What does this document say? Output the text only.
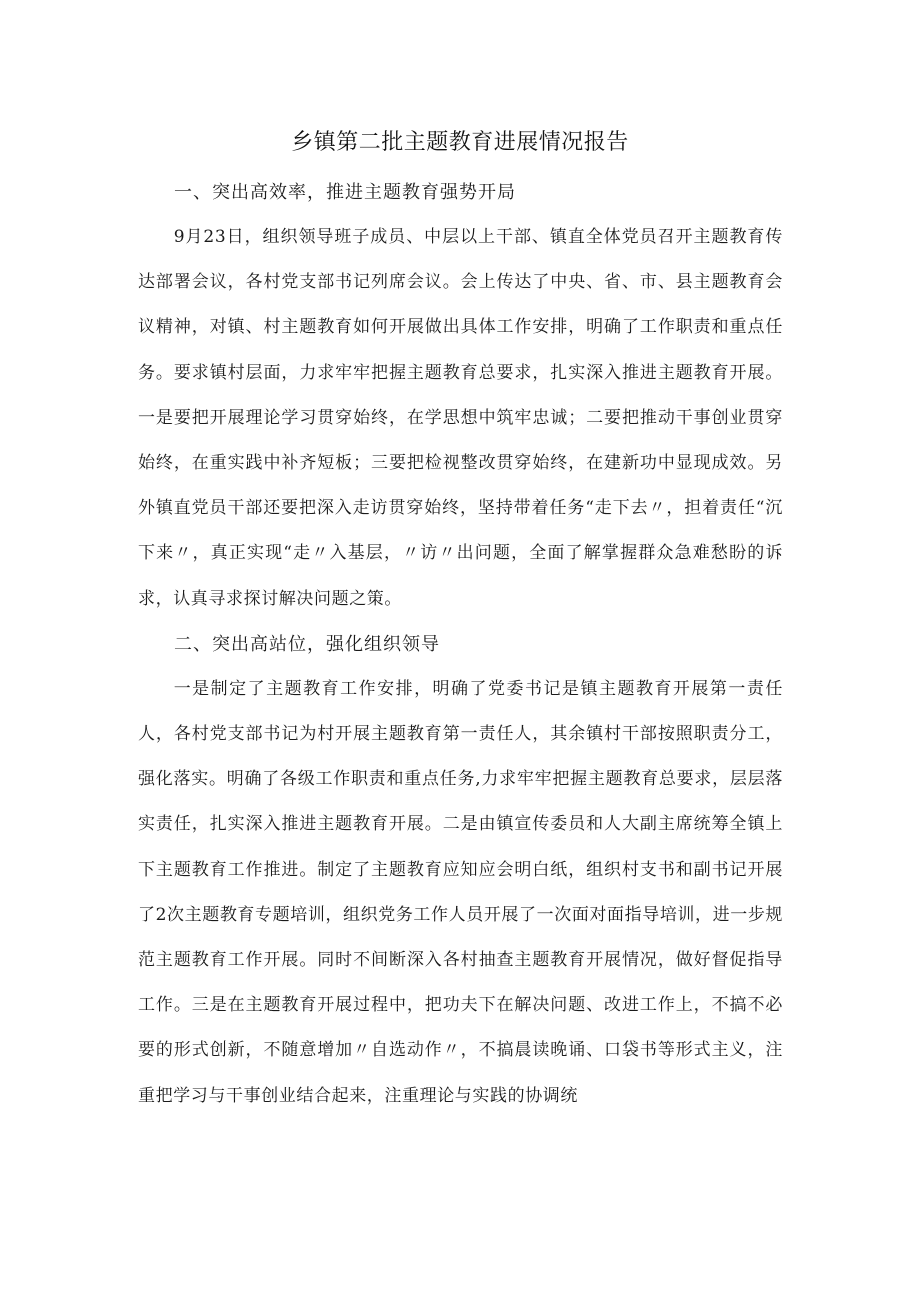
乡镇第二批主题教育进展情况报告

一、突出高效率，推进主题教育强势开局

9月23日，组织领导班子成员、中层以上干部、镇直全体党员召开主题教育传达部署会议，各村党支部书记列席会议。会上传达了中央、省、市、县主题教育会议精神，对镇、村主题教育如何开展做出具体工作安排，明确了工作职责和重点任务。要求镇村层面，力求牢牢把握主题教育总要求，扎实深入推进主题教育开展。一是要把开展理论学习贯穿始终，在学思想中筑牢忠诚；二要把推动干事创业贯穿始终，在重实践中补齐短板；三要把检视整改贯穿始终，在建新功中显现成效。另外镇直党员干部还要把深入走访贯穿始终，坚持带着任务“走下去〃，担着责任“沉下来〃，真正实现“走〃入基层，〃访〃出问题，全面了解掌握群众急难愁盼的诉求，认真寻求探讨解决问题之策。

二、突出高站位，强化组织领导

一是制定了主题教育工作安排，明确了党委书记是镇主题教育开展第一责任人，各村党支部书记为村开展主题教育第一责任人，其余镇村干部按照职责分工，强化落实。明确了各级工作职责和重点任务,力求牢牢把握主题教育总要求，层层落实责任，扎实深入推进主题教育开展。二是由镇宣传委员和人大副主席统筹全镇上下主题教育工作推进。制定了主题教育应知应会明白纸，组织村支书和副书记开展了2次主题教育专题培训，组织党务工作人员开展了一次面对面指导培训，进一步规范主题教育工作开展。同时不间断深入各村抽查主题教育开展情况，做好督促指导工作。三是在主题教育开展过程中，把功夫下在解决问题、改进工作上，不搞不必要的形式创新，不随意增加〃自选动作〃，不搞晨读晚诵、口袋书等形式主义，注重把学习与干事创业结合起来，注重理论与实践的协调统
